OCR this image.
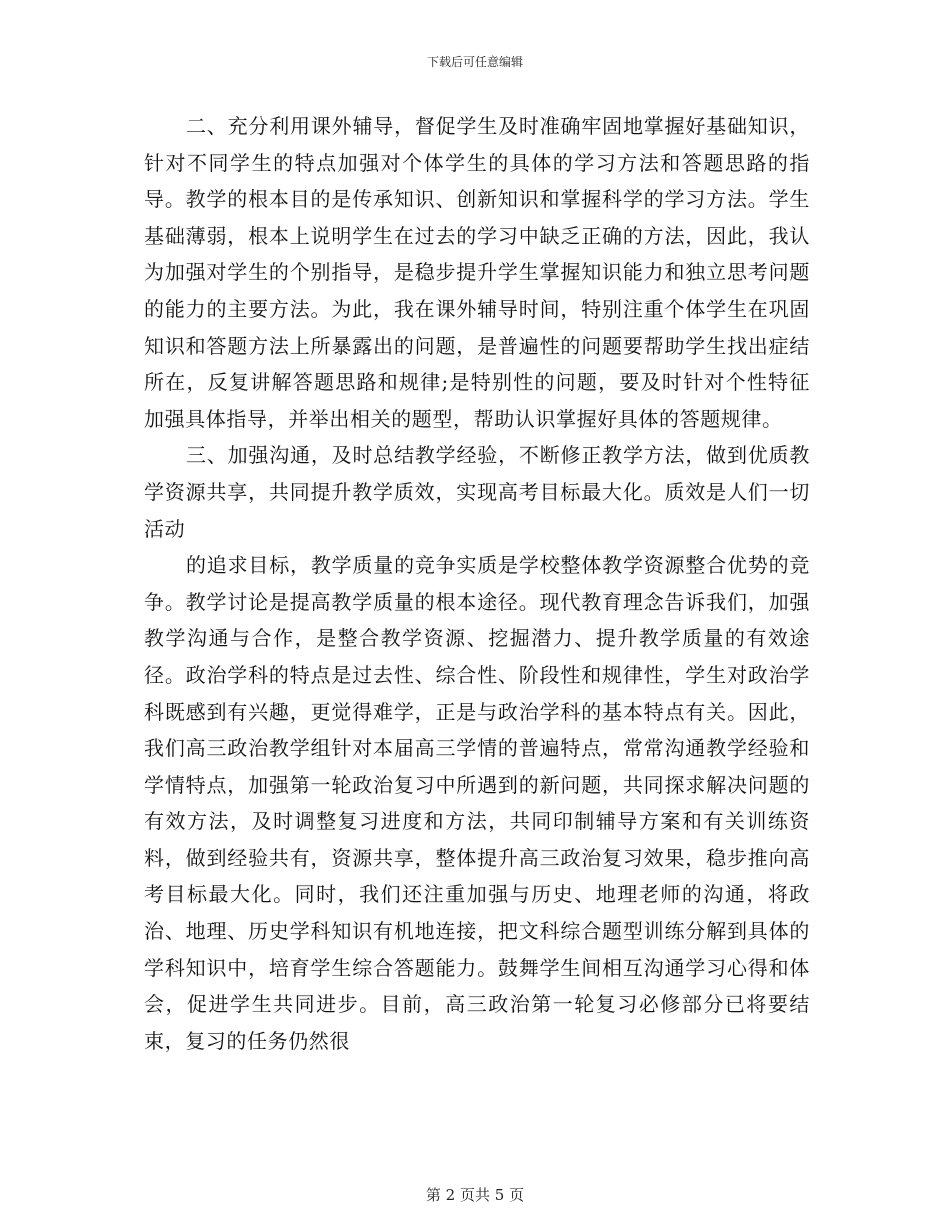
下载后可任意编辑

二、充分利用课外辅导，督促学生及时准确牢固地掌握好基础知识，针对不同学生的特点加强对个体学生的具体的学习方法和答题思路的指导。教学的根本目的是传承知识、创新知识和掌握科学的学习方法。学生基础薄弱，根本上说明学生在过去的学习中缺乏正确的方法，因此，我认为加强对学生的个别指导，是稳步提升学生掌握知识能力和独立思考问题的能力的主要方法。为此，我在课外辅导时间，特别注重个体学生在巩固知识和答题方法上所暴露出的问题，是普遍性的问题要帮助学生找出症结所在，反复讲解答题思路和规律;是特别性的问题，要及时针对个性特征加强具体指导，并举出相关的题型，帮助认识掌握好具体的答题规律。

三、加强沟通，及时总结教学经验，不断修正教学方法，做到优质教学资源共享，共同提升教学质效，实现高考目标最大化。质效是人们一切活动

的追求目标，教学质量的竞争实质是学校整体教学资源整合优势的竞争。教学讨论是提高教学质量的根本途径。现代教育理念告诉我们，加强教学沟通与合作，是整合教学资源、挖掘潜力、提升教学质量的有效途径。政治学科的特点是过去性、综合性、阶段性和规律性，学生对政治学科既感到有兴趣，更觉得难学，正是与政治学科的基本特点有关。因此，我们高三政治教学组针对本届高三学情的普遍特点，常常沟通教学经验和学情特点，加强第一轮政治复习中所遇到的新问题，共同探求解决问题的有效方法，及时调整复习进度和方法，共同印制辅导方案和有关训练资料，做到经验共有，资源共享，整体提升高三政治复习效果，稳步推向高考目标最大化。同时，我们还注重加强与历史、地理老师的沟通，将政治、地理、历史学科知识有机地连接，把文科综合题型训练分解到具体的学科知识中，培育学生综合答题能力。鼓舞学生间相互沟通学习心得和体会，促进学生共同进步。目前，高三政治第一轮复习必修部分已将要结束，复习的任务仍然很

第 2 页共 5 页
